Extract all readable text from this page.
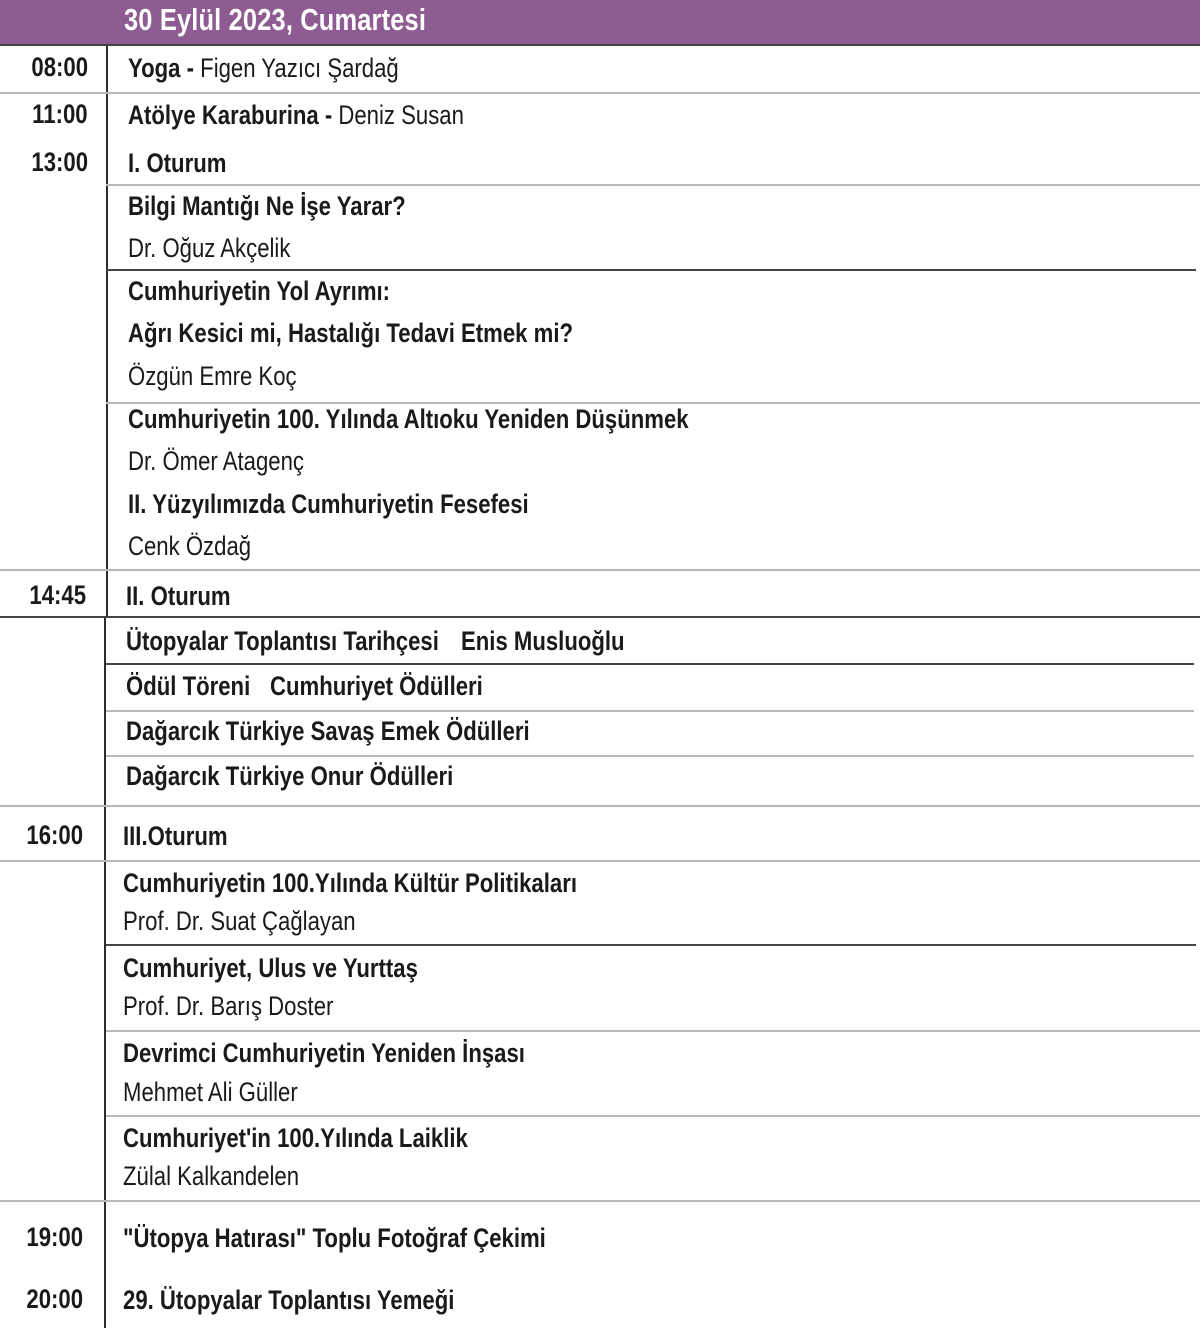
30 Eylül 2023, Cumartesi
08:00
11:00
13:00
14:45
16:00
19:00
20:00
Yoga - Figen Yazıcı Şardağ
Atölye Karaburina - Deniz Susan
I. Oturum
Bilgi Mantığı Ne İşe Yarar?
Dr. Oğuz Akçelik
Cumhuriyetin Yol Ayrımı:
Ağrı Kesici mi, Hastalığı Tedavi Etmek mi?
Özgün Emre Koç
Cumhuriyetin 100. Yılında Altıoku Yeniden Düşünmek
Dr. Ömer Atagenç
II. Yüzyılımızda Cumhuriyetin Fesefesi
Cenk Özdağ
II. Oturum
Ütopyalar Toplantısı Tarihçesi Enis Musluoğlu
Ödül Töreni Cumhuriyet Ödülleri
Dağarcık Türkiye Savaş Emek Ödülleri
Dağarcık Türkiye Onur Ödülleri
III.Oturum
Cumhuriyetin 100.Yılında Kültür Politikaları
Prof. Dr. Suat Çağlayan
Cumhuriyet, Ulus ve Yurttaş
Prof. Dr. Barış Doster
Devrimci Cumhuriyetin Yeniden İnşası
Mehmet Ali Güller
Cumhuriyet'in 100.Yılında Laiklik
Zülal Kalkandelen
"Ütopya Hatırası" Toplu Fotoğraf Çekimi
29. Ütopyalar Toplantısı Yemeği
